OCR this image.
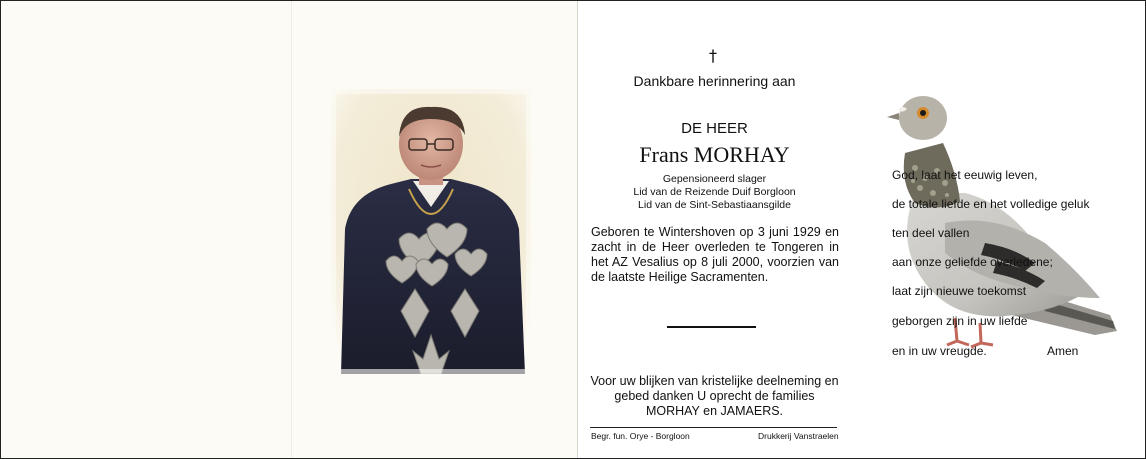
†
Dankbare herinnering aan
DE HEER
Frans MORHAY
Gepensioneerd slager
Lid van de Reizende Duif Borgloon
Lid van de Sint-Sebastiaansgilde
Geboren te Wintershoven op 3 juni 1929 en zacht in de Heer overleden te Tongeren in het AZ Vesalius op 8 juli 2000, voorzien van de laatste Heilige Sacramenten.
Voor uw blijken van kristelijke deelneming en
gebed danken U oprecht de families
MORHAY en JAMAERS.
Begr. fun. Orye - Borgloon	Drukkerij Vanstraelen
God, laat het eeuwig leven,
de totale liefde en het volledige geluk
ten deel vallen
aan onze geliefde overledene;
laat zijn nieuwe toekomst
geborgen zijn in uw liefde
en in uw vreugde.	Amen
